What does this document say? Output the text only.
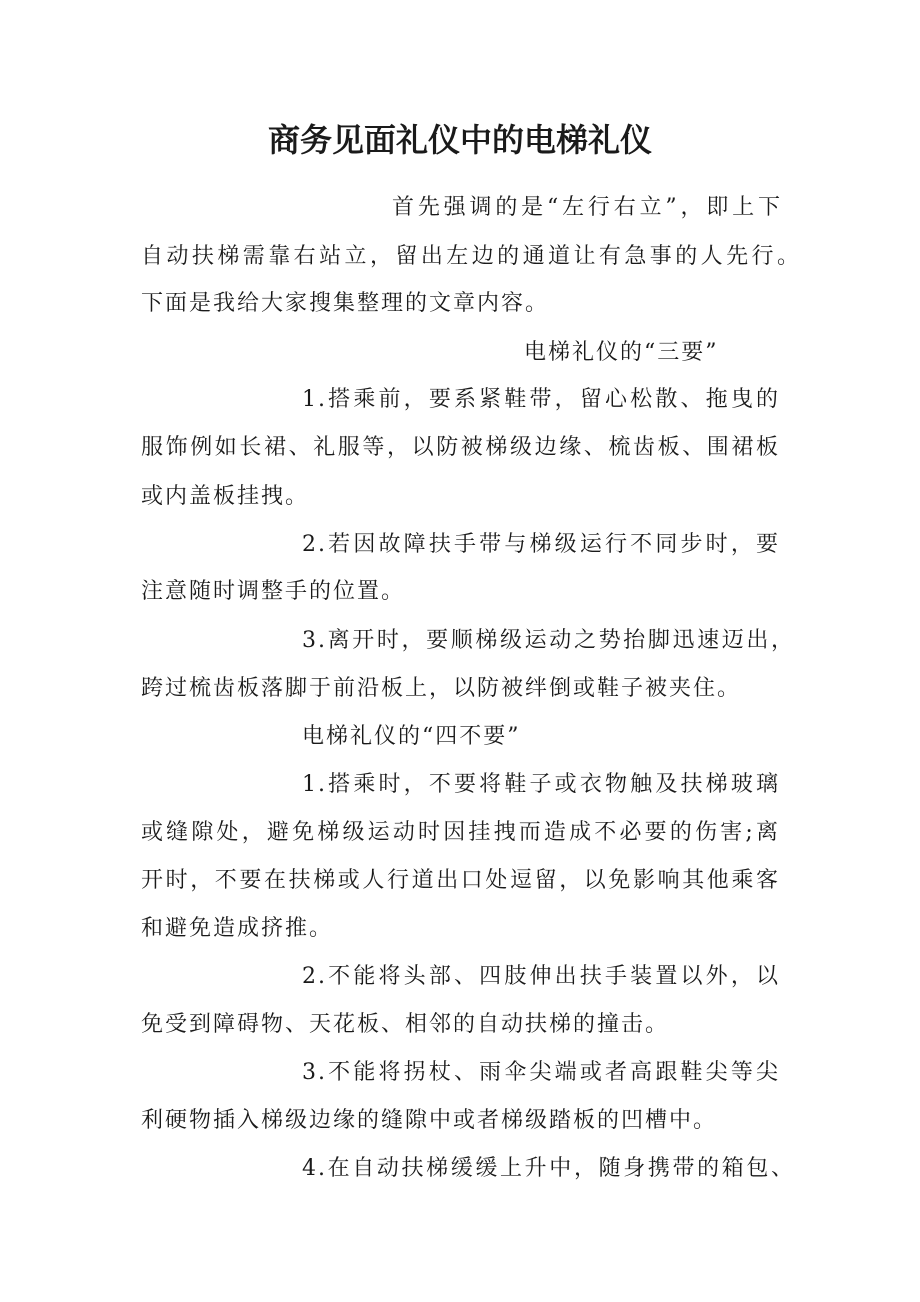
商务见面礼仪中的电梯礼仪
首先强调的是“左行右立”，即上下
自动扶梯需靠右站立，留出左边的通道让有急事的人先行。
下面是我给大家搜集整理的文章内容。
电梯礼仪的“三要”
1.搭乘前，要系紧鞋带，留心松散、拖曳的
服饰例如长裙、礼服等，以防被梯级边缘、梳齿板、围裙板
或内盖板挂拽。
2.若因故障扶手带与梯级运行不同步时，要
注意随时调整手的位置。
3.离开时，要顺梯级运动之势抬脚迅速迈出，
跨过梳齿板落脚于前沿板上，以防被绊倒或鞋子被夹住。
电梯礼仪的“四不要”
1.搭乘时，不要将鞋子或衣物触及扶梯玻璃
或缝隙处，避免梯级运动时因挂拽而造成不必要的伤害;离
开时，不要在扶梯或人行道出口处逗留，以免影响其他乘客
和避免造成挤推。
2.不能将头部、四肢伸出扶手装置以外，以
免受到障碍物、天花板、相邻的自动扶梯的撞击。
3.不能将拐杖、雨伞尖端或者高跟鞋尖等尖
利硬物插入梯级边缘的缝隙中或者梯级踏板的凹槽中。
4.在自动扶梯缓缓上升中，随身携带的箱包、
